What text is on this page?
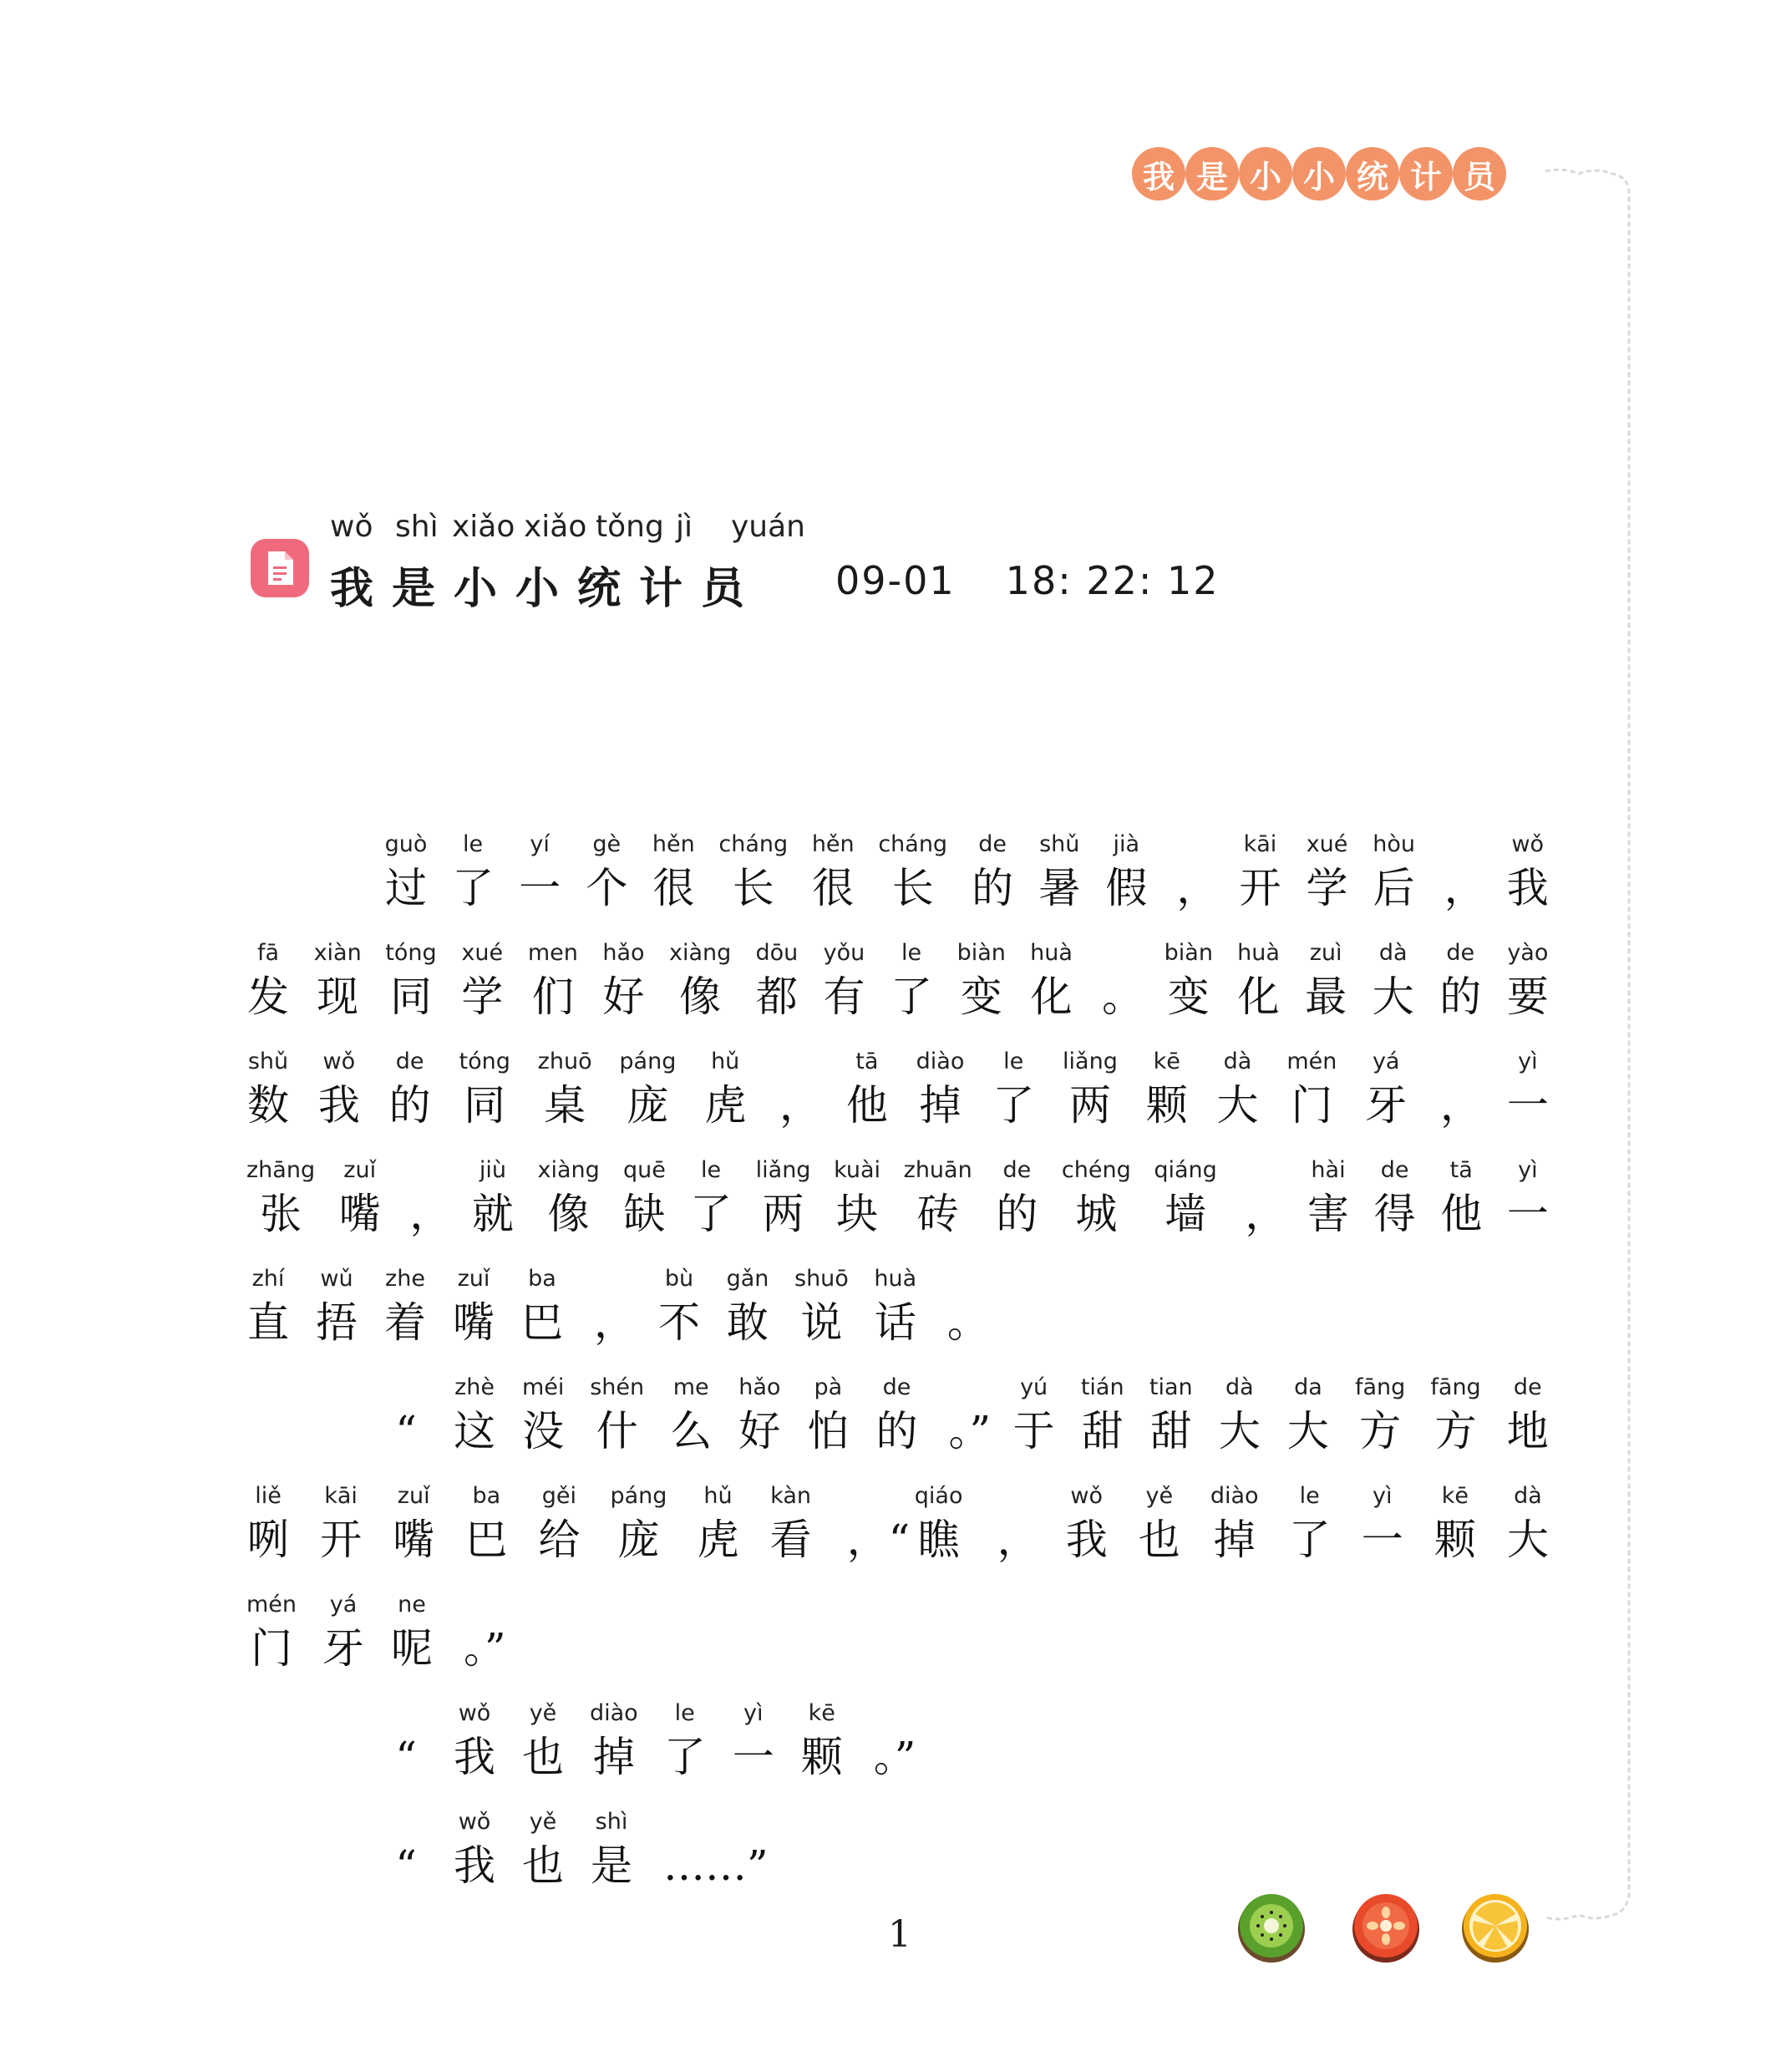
我 是 小 小 统 计 员
wǒ shì xiǎo xiǎo tǒng jì yuán
我是小小统计员 09-01 18: 22: 12
guò
过
le
了
yí
一
gè
个
hěn
很
cháng
长
hěn
很
cháng
长
de
的
shǔ
暑
jià
假 ，
kāi
开
xué
学
hòu
后 ，
wǒ
我
fā
发
xiàn
现
tóng
同
xué
学
men
们
hǎo
好
xiàng
像
dōu
都
yǒu
有
le
了
biàn
变
huà
化 。
biàn
变
huà
化
zuì
最
dà
大
de
的
yào
要
shǔ
数
wǒ
我
de
的
tóng
同
zhuō
桌
páng
庞
hǔ
虎 ，
tā
他
diào
掉
le
了
liǎng
两
kē
颗
dà
大
mén
门
yá
牙 ，
yì
一
zhāng
张
zuǐ
嘴 ，
jiù
就
xiàng
像
quē
缺
le
了
liǎng
两
kuài
块
zhuān
砖
de
的
chéng
城
qiáng
墙 ，
hài
害
de
得
tā
他
yì
一
zhí
直
wǔ
捂
zhe
着
zuǐ
嘴
ba
巴 ，
bù
不
gǎn
敢
shuō
说
huà
话 。
“
zhè
这
méi
没
shén
什
me
么
hǎo
好
pà
怕
de
的 。”
yú
于
tián
甜
tian
甜
dà
大
da
大
fāng
方
fāng
方
de
地
liě
咧
kāi
开
zuǐ
嘴
ba
巴
gěi
给
páng
庞
hǔ
虎
kàn
看 ，“
qiáo
瞧 ，
wǒ
我
yě
也
diào
掉
le
了
yì
一
kē
颗
dà
大
mén
门
yá
牙
ne
呢 。”
“
wǒ
我
yě
也
diào
掉
le
了
yì
一
kē
颗 。”
“
wǒ
我
yě
也
shì
是 ……”
1
